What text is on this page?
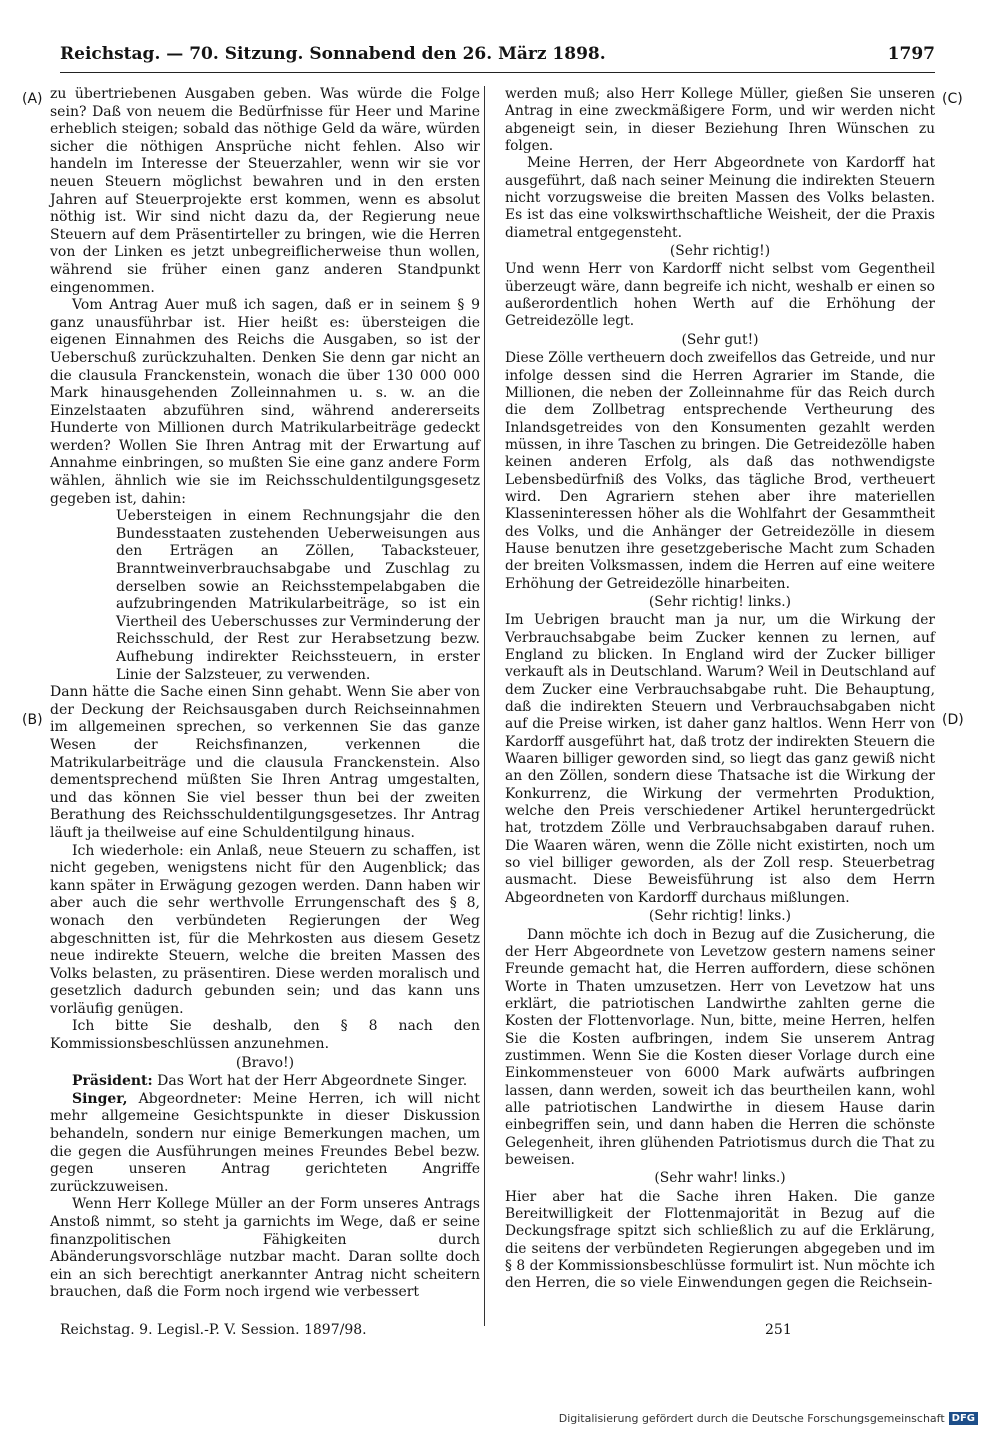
Reichstag. — 70. Sitzung. Sonnabend den 26. März 1898.	1797
(A)
(B)
(C)
(D)

zu übertriebenen Ausgaben geben. Was würde die Folge sein? Daß von neuem die Bedürfnisse für Heer und Marine erheblich steigen; sobald das nöthige Geld da wäre, würden sicher die nöthigen Ansprüche nicht fehlen. Also wir handeln im Interesse der Steuerzahler, wenn wir sie vor neuen Steuern möglichst bewahren und in den ersten Jahren auf Steuerprojekte erst kommen, wenn es absolut nöthig ist. Wir sind nicht dazu da, der Regierung neue Steuern auf dem Präsentirteller zu bringen, wie die Herren von der Linken es jetzt unbegreiflicherweise thun wollen, während sie früher einen ganz anderen Standpunkt eingenommen.

Vom Antrag Auer muß ich sagen, daß er in seinem § 9 ganz unausführbar ist. Hier heißt es: übersteigen die eigenen Einnahmen des Reichs die Ausgaben, so ist der Ueberschuß zurückzuhalten. Denken Sie denn gar nicht an die clausula Franckenstein, wonach die über 130 000 000 Mark hinausgehenden Zolleinnahmen u. s. w. an die Einzelstaaten abzuführen sind, während andererseits Hunderte von Millionen durch Matrikularbeiträge gedeckt werden? Wollen Sie Ihren Antrag mit der Erwartung auf Annahme einbringen, so mußten Sie eine ganz andere Form wählen, ähnlich wie sie im Reichsschuldentilgungsgesetz gegeben ist, dahin:

Uebersteigen in einem Rechnungsjahr die den Bundesstaaten zustehenden Ueberweisungen aus den Erträgen an Zöllen, Tabacksteuer, Branntweinverbrauchsabgabe und Zuschlag zu derselben sowie an Reichsstempelabgaben die aufzubringenden Matrikularbeiträge, so ist ein Viertheil des Ueberschusses zur Verminderung der Reichsschuld, der Rest zur Herabsetzung bezw. Aufhebung indirekter Reichssteuern, in erster Linie der Salzsteuer, zu verwenden.

Dann hätte die Sache einen Sinn gehabt. Wenn Sie aber von der Deckung der Reichsausgaben durch Reichseinnahmen im allgemeinen sprechen, so verkennen Sie das ganze Wesen der Reichsfinanzen, verkennen die Matrikularbeiträge und die clausula Franckenstein. Also dementsprechend müßten Sie Ihren Antrag umgestalten, und das können Sie viel besser thun bei der zweiten Berathung des Reichsschuldentilgungsgesetzes. Ihr Antrag läuft ja theilweise auf eine Schuldentilgung hinaus.

Ich wiederhole: ein Anlaß, neue Steuern zu schaffen, ist nicht gegeben, wenigstens nicht für den Augenblick; das kann später in Erwägung gezogen werden. Dann haben wir aber auch die sehr werthvolle Errungenschaft des § 8, wonach den verbündeten Regierungen der Weg abgeschnitten ist, für die Mehrkosten aus diesem Gesetz neue indirekte Steuern, welche die breiten Massen des Volks belasten, zu präsentiren. Diese werden moralisch und gesetzlich dadurch gebunden sein; und das kann uns vorläufig genügen.

Ich bitte Sie deshalb, den § 8 nach den Kommissionsbeschlüssen anzunehmen.

(Bravo!)

Präsident: Das Wort hat der Herr Abgeordnete Singer.

Singer, Abgeordneter: Meine Herren, ich will nicht mehr allgemeine Gesichtspunkte in dieser Diskussion behandeln, sondern nur einige Bemerkungen machen, um die gegen die Ausführungen meines Freundes Bebel bezw. gegen unseren Antrag gerichteten Angriffe zurückzuweisen.

Wenn Herr Kollege Müller an der Form unseres Antrags Anstoß nimmt, so steht ja garnichts im Wege, daß er seine finanzpolitischen Fähigkeiten durch Abänderungsvorschläge nutzbar macht. Daran sollte doch ein an sich berechtigt anerkannter Antrag nicht scheitern brauchen, daß die Form noch irgend wie verbessert

werden muß; also Herr Kollege Müller, gießen Sie unseren Antrag in eine zweckmäßigere Form, und wir werden nicht abgeneigt sein, in dieser Beziehung Ihren Wünschen zu folgen.

Meine Herren, der Herr Abgeordnete von Kardorff hat ausgeführt, daß nach seiner Meinung die indirekten Steuern nicht vorzugsweise die breiten Massen des Volks belasten. Es ist das eine volkswirthschaftliche Weisheit, der die Praxis diametral entgegensteht.

(Sehr richtig!)

Und wenn Herr von Kardorff nicht selbst vom Gegentheil überzeugt wäre, dann begreife ich nicht, weshalb er einen so außerordentlich hohen Werth auf die Erhöhung der Getreidezölle legt.

(Sehr gut!)

Diese Zölle vertheuern doch zweifellos das Getreide, und nur infolge dessen sind die Herren Agrarier im Stande, die Millionen, die neben der Zolleinnahme für das Reich durch die dem Zollbetrag entsprechende Vertheurung des Inlandsgetreides von den Konsumenten gezahlt werden müssen, in ihre Taschen zu bringen. Die Getreidezölle haben keinen anderen Erfolg, als daß das nothwendigste Lebensbedürfniß des Volks, das tägliche Brod, vertheuert wird. Den Agrariern stehen aber ihre materiellen Klasseninteressen höher als die Wohlfahrt der Gesammtheit des Volks, und die Anhänger der Getreidezölle in diesem Hause benutzen ihre gesetzgeberische Macht zum Schaden der breiten Volksmassen, indem die Herren auf eine weitere Erhöhung der Getreidezölle hinarbeiten.

(Sehr richtig! links.)

Im Uebrigen braucht man ja nur, um die Wirkung der Verbrauchsabgabe beim Zucker kennen zu lernen, auf England zu blicken. In England wird der Zucker billiger verkauft als in Deutschland. Warum? Weil in Deutschland auf dem Zucker eine Verbrauchsabgabe ruht. Die Behauptung, daß die indirekten Steuern und Verbrauchsabgaben nicht auf die Preise wirken, ist daher ganz haltlos. Wenn Herr von Kardorff ausgeführt hat, daß trotz der indirekten Steuern die Waaren billiger geworden sind, so liegt das ganz gewiß nicht an den Zöllen, sondern diese Thatsache ist die Wirkung der Konkurrenz, die Wirkung der vermehrten Produktion, welche den Preis verschiedener Artikel heruntergedrückt hat, trotzdem Zölle und Verbrauchsabgaben darauf ruhen. Die Waaren wären, wenn die Zölle nicht existirten, noch um so viel billiger geworden, als der Zoll resp. Steuerbetrag ausmacht. Diese Beweisführung ist also dem Herrn Abgeordneten von Kardorff durchaus mißlungen.

(Sehr richtig! links.)

Dann möchte ich doch in Bezug auf die Zusicherung, die der Herr Abgeordnete von Levetzow gestern namens seiner Freunde gemacht hat, die Herren auffordern, diese schönen Worte in Thaten umzusetzen. Herr von Levetzow hat uns erklärt, die patriotischen Landwirthe zahlten gerne die Kosten der Flottenvorlage. Nun, bitte, meine Herren, helfen Sie die Kosten aufbringen, indem Sie unserem Antrag zustimmen. Wenn Sie die Kosten dieser Vorlage durch eine Einkommensteuer von 6000 Mark aufwärts aufbringen lassen, dann werden, soweit ich das beurtheilen kann, wohl alle patriotischen Landwirthe in diesem Hause darin einbegriffen sein, und dann haben die Herren die schönste Gelegenheit, ihren glühenden Patriotismus durch die That zu beweisen.

(Sehr wahr! links.)

Hier aber hat die Sache ihren Haken. Die ganze Bereitwilligkeit der Flottenmajorität in Bezug auf die Deckungsfrage spitzt sich schließlich zu auf die Erklärung, die seitens der verbündeten Regierungen abgegeben und im § 8 der Kommissionsbeschlüsse formulirt ist. Nun möchte ich den Herren, die so viele Einwendungen gegen die Reichsein-

Reichstag. 9. Legisl.-P. V. Session. 1897/98.	251
Digitalisierung gefördert durch die Deutsche Forschungsgemeinschaft DFG
